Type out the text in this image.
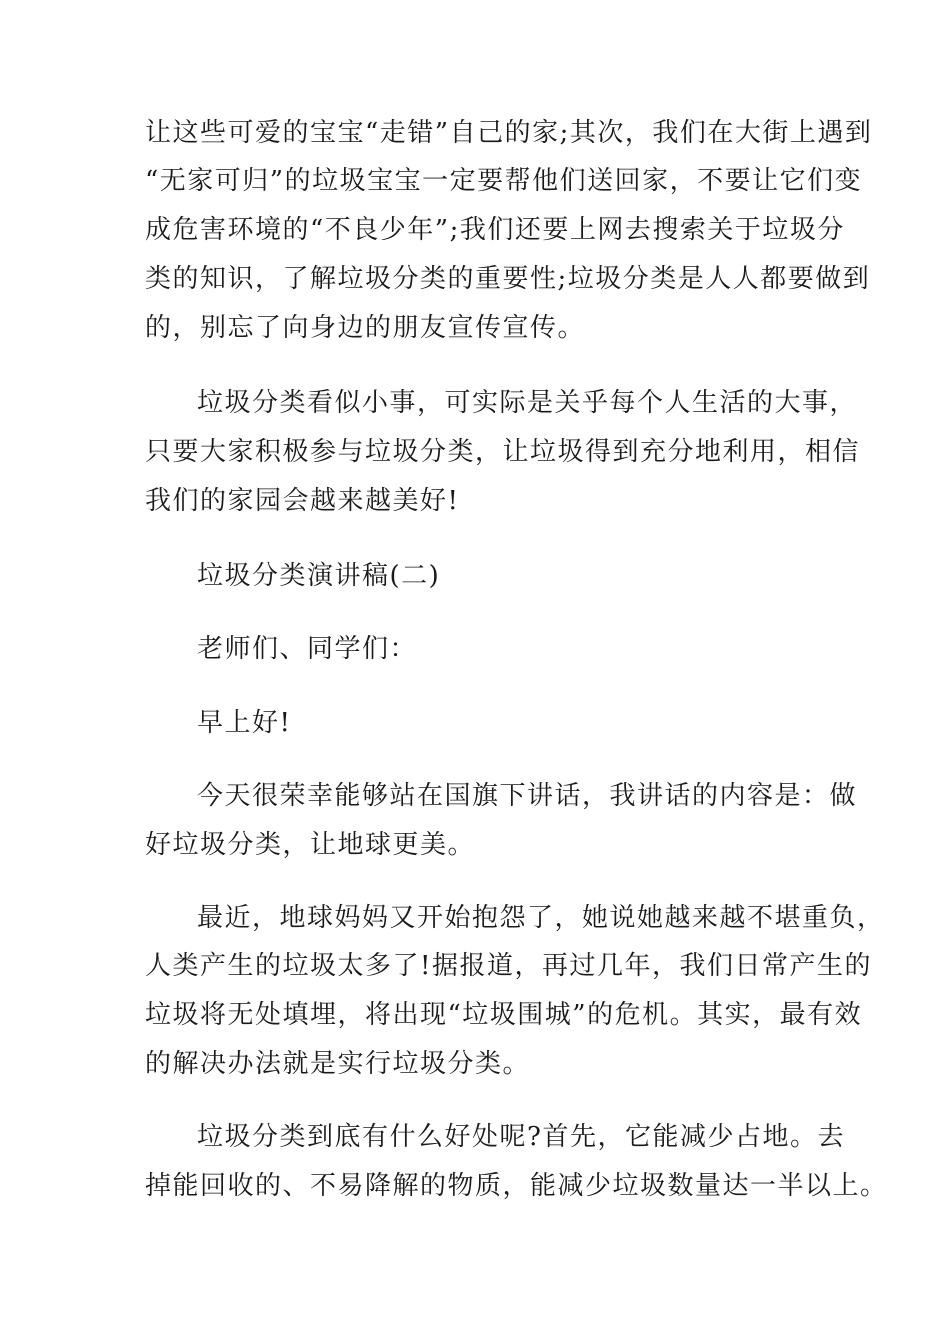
让这些可爱的宝宝“走错”自己的家;其次，我们在大街上遇到
“无家可归”的垃圾宝宝一定要帮他们送回家，不要让它们变
成危害环境的“不良少年”;我们还要上网去搜索关于垃圾分
类的知识，了解垃圾分类的重要性;垃圾分类是人人都要做到
的，别忘了向身边的朋友宣传宣传。
垃圾分类看似小事，可实际是关乎每个人生活的大事，
只要大家积极参与垃圾分类，让垃圾得到充分地利用，相信
我们的家园会越来越美好!
垃圾分类演讲稿(二)
老师们、同学们：
早上好!
今天很荣幸能够站在国旗下讲话，我讲话的内容是：做
好垃圾分类，让地球更美。
最近，地球妈妈又开始抱怨了，她说她越来越不堪重负，
人类产生的垃圾太多了!据报道，再过几年，我们日常产生的
垃圾将无处填埋，将出现“垃圾围城”的危机。其实，最有效
的解决办法就是实行垃圾分类。
垃圾分类到底有什么好处呢?首先，它能减少占地。去
掉能回收的、不易降解的物质，能减少垃圾数量达一半以上。
